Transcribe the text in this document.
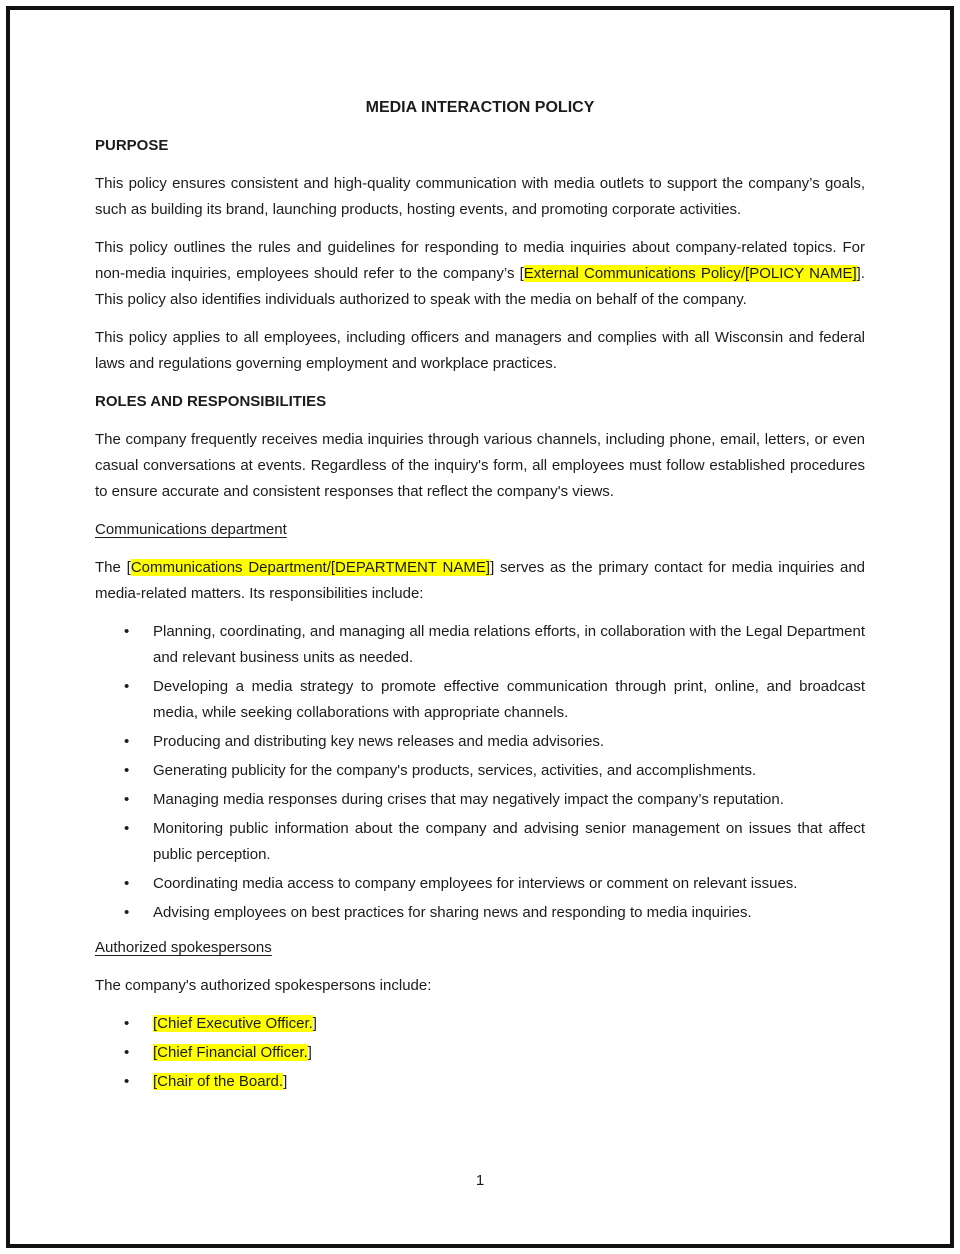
MEDIA INTERACTION POLICY
PURPOSE
This policy ensures consistent and high-quality communication with media outlets to support the company’s goals, such as building its brand, launching products, hosting events, and promoting corporate activities.
This policy outlines the rules and guidelines for responding to media inquiries about company-related topics. For non-media inquiries, employees should refer to the company’s [External Communications Policy/[POLICY NAME]]. This policy also identifies individuals authorized to speak with the media on behalf of the company.
This policy applies to all employees, including officers and managers and complies with all Wisconsin and federal laws and regulations governing employment and workplace practices.
ROLES AND RESPONSIBILITIES
The company frequently receives media inquiries through various channels, including phone, email, letters, or even casual conversations at events. Regardless of the inquiry's form, all employees must follow established procedures to ensure accurate and consistent responses that reflect the company's views.
Communications department
The [Communications Department/[DEPARTMENT NAME]] serves as the primary contact for media inquiries and media-related matters. Its responsibilities include:
• Planning, coordinating, and managing all media relations efforts, in collaboration with the Legal Department and relevant business units as needed.
• Developing a media strategy to promote effective communication through print, online, and broadcast media, while seeking collaborations with appropriate channels.
• Producing and distributing key news releases and media advisories.
• Generating publicity for the company's products, services, activities, and accomplishments.
• Managing media responses during crises that may negatively impact the company’s reputation.
• Monitoring public information about the company and advising senior management on issues that affect public perception.
• Coordinating media access to company employees for interviews or comment on relevant issues.
• Advising employees on best practices for sharing news and responding to media inquiries.
Authorized spokespersons
The company's authorized spokespersons include:
• [Chief Executive Officer.]
• [Chief Financial Officer.]
• [Chair of the Board.]
1
